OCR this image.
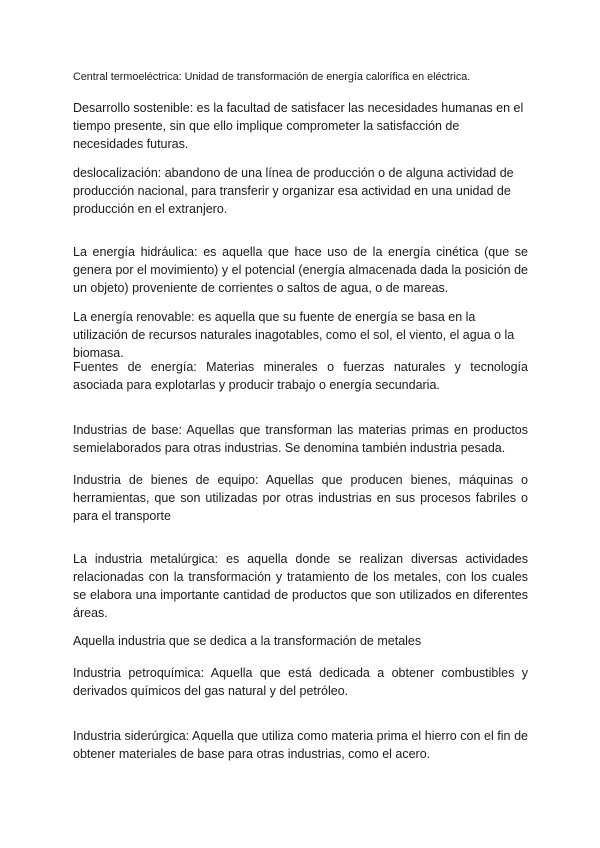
Central termoeléctrica: Unidad de transformación de energía calorífica en eléctrica.

Desarrollo sostenible: es la facultad de satisfacer las necesidades humanas en el tiempo presente, sin que ello implique comprometer la satisfacción de necesidades futuras.

deslocalización: abandono de una línea de producción o de alguna actividad de producción nacional, para transferir y organizar esa actividad en una unidad de producción en el extranjero.

La energía hidráulica: es aquella que hace uso de la energía cinética (que se genera por el movimiento) y el potencial (energía almacenada dada la posición de un objeto) proveniente de corrientes o saltos de agua, o de mareas.

La energía renovable: es aquella que su fuente de energía se basa en la utilización de recursos naturales inagotables, como el sol, el viento, el agua o la biomasa.

Fuentes de energía: Materias minerales o fuerzas naturales y tecnología asociada para explotarlas y producir trabajo o energía secundaria.

Industrias de base: Aquellas que transforman las materias primas en productos semielaborados para otras industrias. Se denomina también industria pesada.

Industria de bienes de equipo: Aquellas que producen bienes, máquinas o herramientas, que son utilizadas por otras industrias en sus procesos fabriles o para el transporte

La industria metalúrgica: es aquella donde se realizan diversas actividades relacionadas con la transformación y tratamiento de los metales, con los cuales se elabora una importante cantidad de productos que son utilizados en diferentes áreas.

Aquella industria que se dedica a la transformación de metales

Industria petroquímica: Aquella que está dedicada a obtener combustibles y derivados químicos del gas natural y del petróleo.

Industria siderúrgica: Aquella que utiliza como materia prima el hierro con el fin de obtener materiales de base para otras industrias, como el acero.
